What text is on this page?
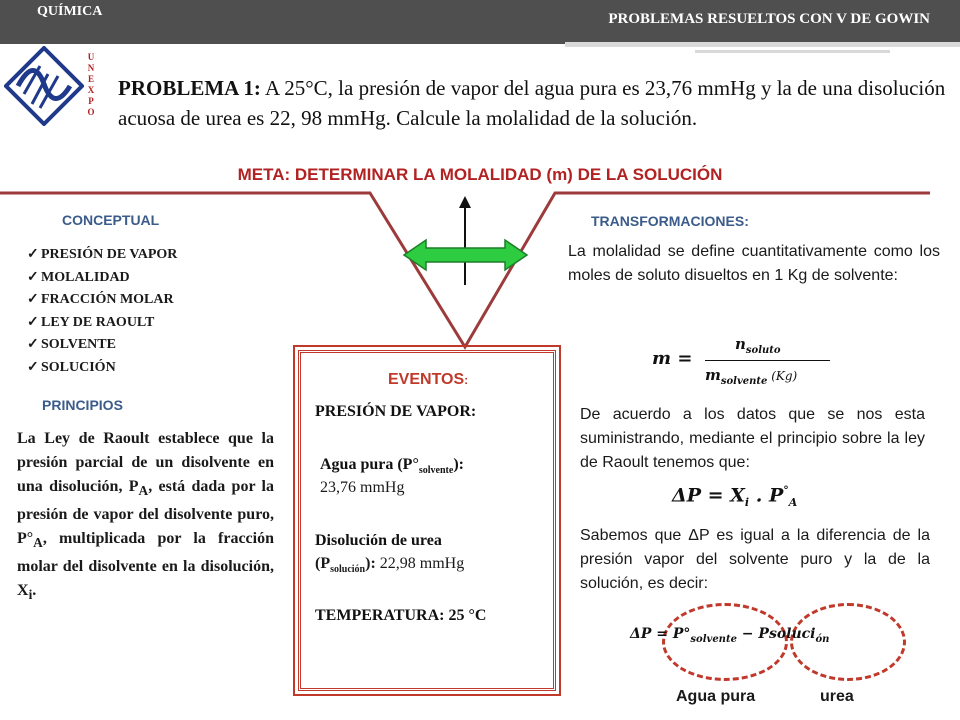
QUÍMICA	PROBLEMAS RESUELTOS CON V DE GOWIN
U
N
E
X
P
O
PROBLEMA 1: A 25°C, la presión de vapor del agua pura es 23,76 mmHg y la de una disolución acuosa de urea es 22, 98 mmHg. Calcule la molalidad de la solución.
META: DETERMINAR LA MOLALIDAD (m) DE LA SOLUCIÓN
CONCEPTUAL
✓ PRESIÓN DE VAPOR
✓ MOLALIDAD
✓ FRACCIÓN MOLAR
✓ LEY DE RAOULT
✓ SOLVENTE
✓ SOLUCIÓN
PRINCIPIOS
La Ley de Raoult establece que la presión parcial de un disolvente en una disolución, $P_A$, está dada por la presión de vapor del disolvente puro, $P^\circ_A$, multiplicada por la fracción molar del disolvente en la disolución, $X_i$.
EVENTOS:
PRESIÓN DE VAPOR:
Agua pura $(P^\circ_{solvente})$:
23,76 mmHg
Disolución de urea
$(P_{solución})$: 22,98 mmHg
TEMPERATURA: 25 °C
TRANSFORMACIONES:
La molalidad se define cuantitativamente como los moles de soluto disueltos en 1 Kg de solvente:
m =
$n_{soluto}$
$m_{solvente}$ (Kg)
De acuerdo a los datos que se nos esta suministrando, mediante el principio sobre la ley de Raoult tenemos que:
$\Delta P = X_i$ . $P^\circ_A$
Sabemos que ΔP es igual a la diferencia de la presión vapor del solvente puro y la de la solución, es decir:
$\Delta P = P^\circ_{solvente}$ − Psoluci$_{ón}$
Agua pura	urea
